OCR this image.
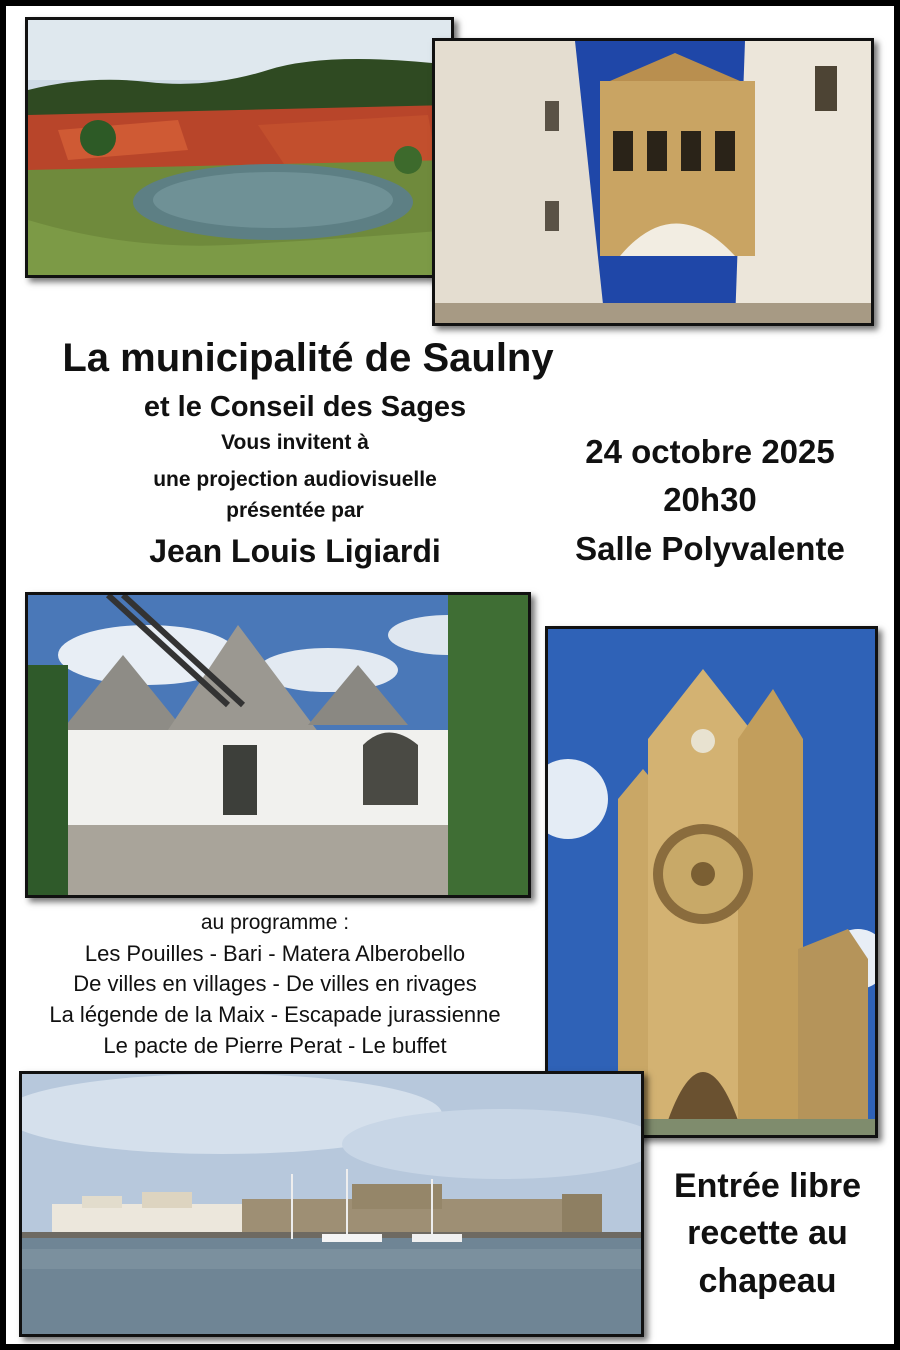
La municipalité de Saulny
et le Conseil des Sages
Vous invitent à
une projection audiovisuelle
présentée par
Jean Louis Ligiardi
24 octobre 2025
20h30
Salle Polyvalente
au programme :
Les Pouilles - Bari - Matera Alberobello
De villes en villages - De villes en rivages
La légende de la Maix - Escapade jurassienne
Le pacte de Pierre Perat - Le buffet
Entrée libre
recette au
chapeau
